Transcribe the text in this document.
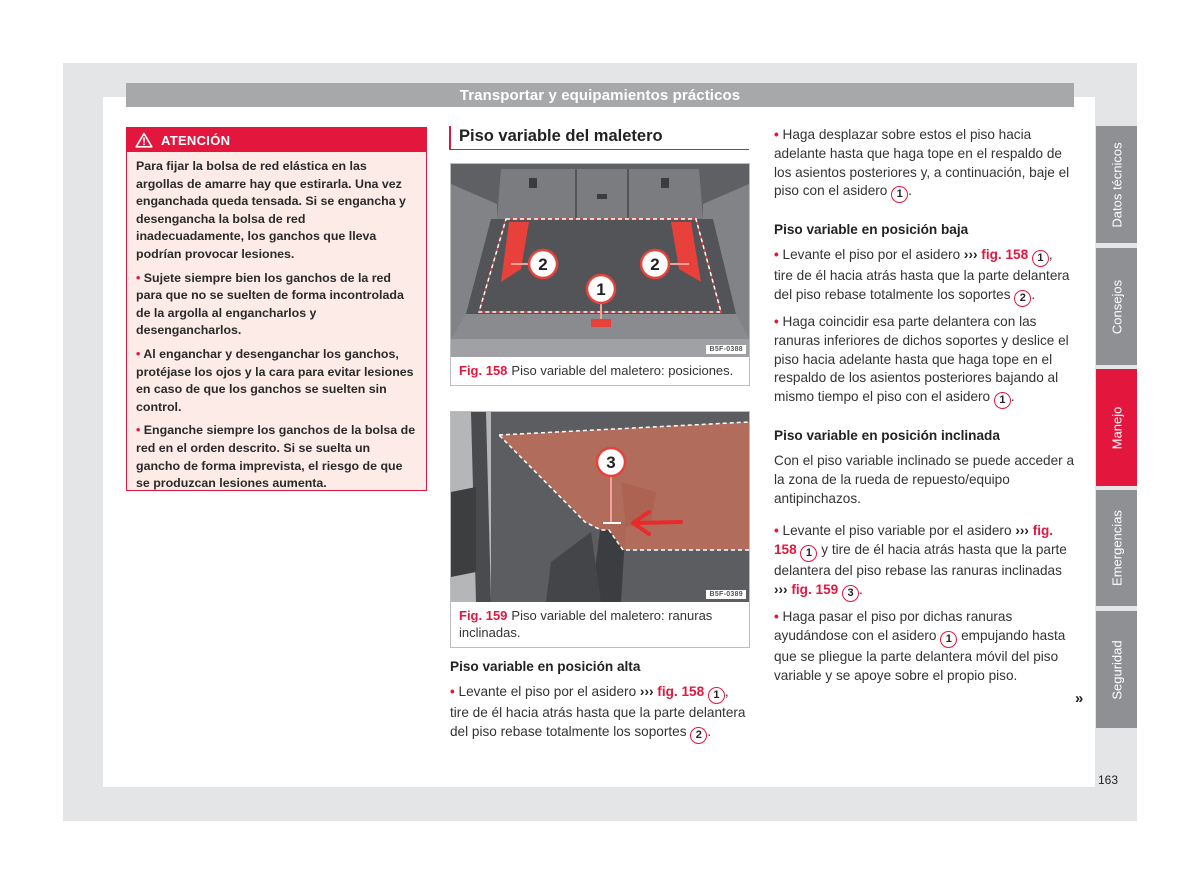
Transportar y equipamientos prácticos
ATENCIÓN

Para fijar la bolsa de red elástica en las argollas de amarre hay que estirarla. Una vez enganchada queda tensada. Si se engancha y desengancha la bolsa de red inadecuadamente, los ganchos que lleva podrían provocar lesiones.

• Sujete siempre bien los ganchos de la red para que no se suelten de forma incontrolada de la argolla al engancharlos y desengancharlos.

• Al enganchar y desenganchar los ganchos, protéjase los ojos y la cara para evitar lesiones en caso de que los ganchos se suelten sin control.

• Enganche siempre los ganchos de la bolsa de red en el orden descrito. Si se suelta un gancho de forma imprevista, el riesgo de que se produzcan lesiones aumenta.

Piso variable del maletero
2	2
1
B5F-0388
Fig. 158 Piso variable del maletero: posiciones.
3
B5F-0389
Fig. 159 Piso variable del maletero: ranuras inclinadas.
Piso variable en posición alta

• Levante el piso por el asidero ››› fig. 158 1 , tire de él hacia atrás hasta que la parte delantera del piso rebase totalmente los soportes 2 .

• Haga desplazar sobre estos el piso hacia adelante hasta que haga tope en el respaldo de los asientos posteriores y, a continuación, baje el piso con el asidero 1 .

Piso variable en posición baja

• Levante el piso por el asidero ››› fig. 158 1 , tire de él hacia atrás hasta que la parte delantera del piso rebase totalmente los soportes 2 .

• Haga coincidir esa parte delantera con las ranuras inferiores de dichos soportes y deslice el piso hacia adelante hasta que haga tope en el respaldo de los asientos posteriores bajando al mismo tiempo el piso con el asidero 1 .

Piso variable en posición inclinada

Con el piso variable inclinado se puede acceder a la zona de la rueda de repuesto/equipo antipinchazos.

• Levante el piso variable por el asidero ››› fig. 158 1 y tire de él hacia atrás hasta que la parte delantera del piso rebase las ranuras inclinadas ››› fig. 159 3 .

• Haga pasar el piso por dichas ranuras ayudándose con el asidero 1 empujando hasta que se pliegue la parte delantera móvil del piso variable y se apoye sobre el propio piso.

»
Datos técnicos
Consejos
Manejo
Emergencias
Seguridad
163
